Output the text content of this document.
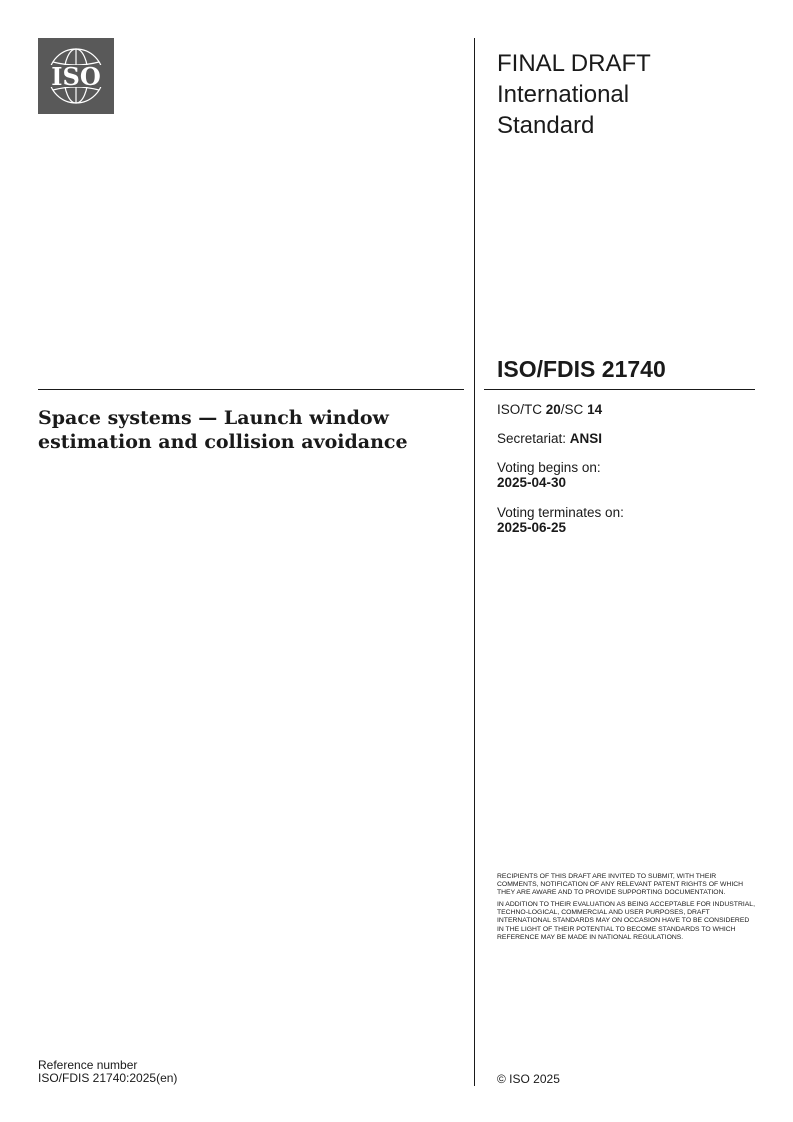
ISO	FINAL DRAFT
International
Standard
ISO/FDIS 21740
Space systems — Launch window estimation and collision avoidance
ISO/TC 20/SC 14
Secretariat: ANSI
Voting begins on:
2025-04-30
Voting terminates on:
2025-06-25

RECIPIENTS OF THIS DRAFT ARE INVITED TO SUBMIT, WITH THEIR COMMENTS, NOTIFICATION OF ANY RELEVANT PATENT RIGHTS OF WHICH THEY ARE AWARE AND TO PROVIDE SUPPORTING DOCUMENTATION.

IN ADDITION TO THEIR EVALUATION AS BEING ACCEPTABLE FOR INDUSTRIAL, TECHNO-LOGICAL, COMMERCIAL AND USER PURPOSES, DRAFT INTERNATIONAL STANDARDS MAY ON OCCASION HAVE TO BE CONSIDERED IN THE LIGHT OF THEIR POTENTIAL TO BECOME STANDARDS TO WHICH REFERENCE MAY BE MADE IN NATIONAL REGULATIONS.

Reference number
ISO/FDIS 21740:2025(en)	© ISO 2025
